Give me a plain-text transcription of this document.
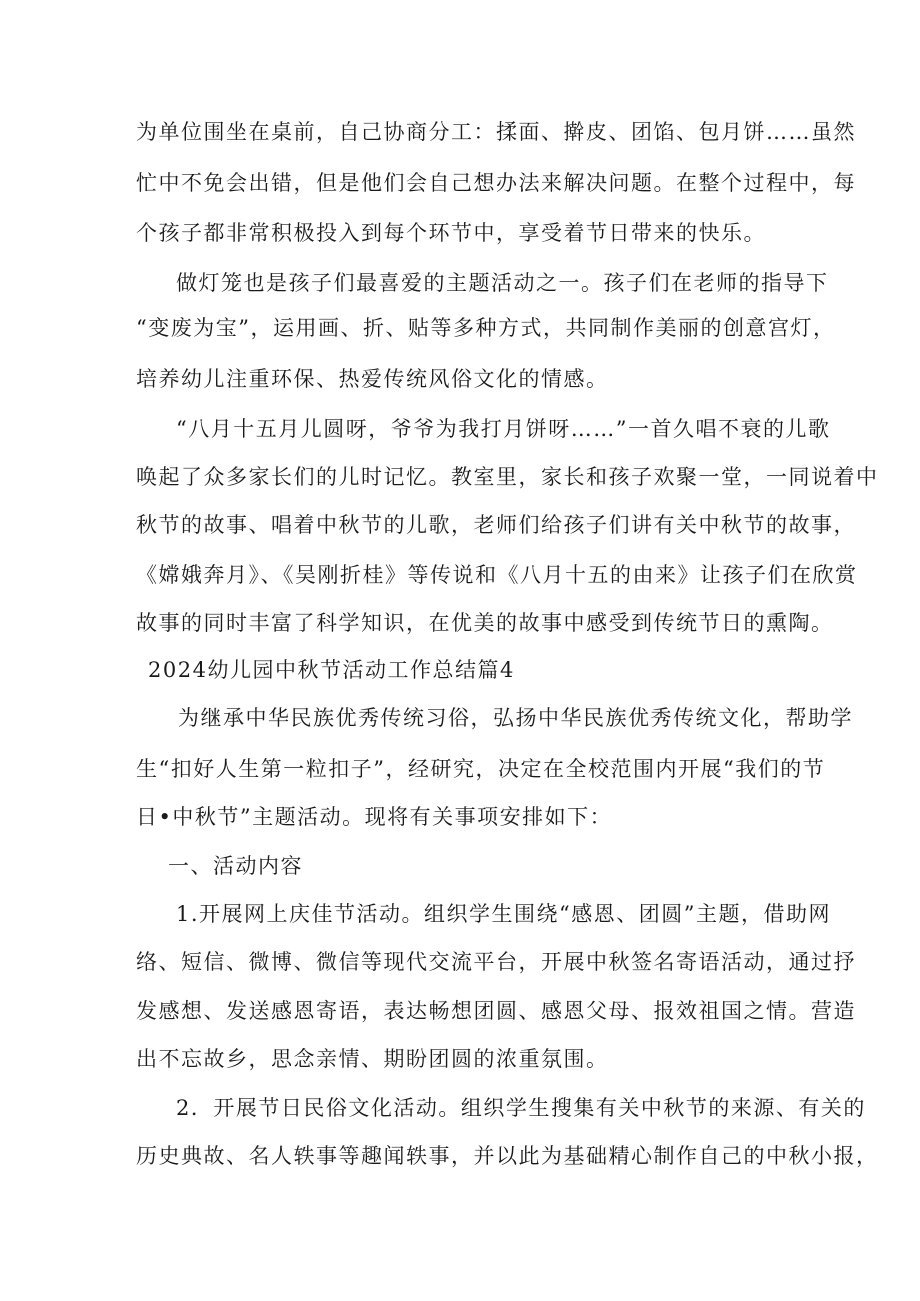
为单位围坐在桌前，自己协商分工：揉面、擀皮、团馅、包月饼……虽然
忙中不免会出错，但是他们会自己想办法来解决问题。在整个过程中，每
个孩子都非常积极投入到每个环节中，享受着节日带来的快乐。
做灯笼也是孩子们最喜爱的主题活动之一。孩子们在老师的指导下
“变废为宝”，运用画、折、贴等多种方式，共同制作美丽的创意宫灯，
培养幼儿注重环保、热爱传统风俗文化的情感。
“八月十五月儿圆呀，爷爷为我打月饼呀……”一首久唱不衰的儿歌
唤起了众多家长们的儿时记忆。教室里，家长和孩子欢聚一堂，一同说着中
秋节的故事、唱着中秋节的儿歌，老师们给孩子们讲有关中秋节的故事，
《嫦娥奔月》、《吴刚折桂》等传说和《八月十五的由来》让孩子们在欣赏
故事的同时丰富了科学知识，在优美的故事中感受到传统节日的熏陶。
2024幼儿园中秋节活动工作总结篇4
为继承中华民族优秀传统习俗，弘扬中华民族优秀传统文化，帮助学
生“扣好人生第一粒扣子”，经研究，决定在全校范围内开展“我们的节
日•中秋节”主题活动。现将有关事项安排如下：
一、活动内容
1.开展网上庆佳节活动。组织学生围绕“感恩、团圆”主题，借助网
络、短信、微博、微信等现代交流平台，开展中秋签名寄语活动，通过抒
发感想、发送感恩寄语，表达畅想团圆、感恩父母、报效祖国之情。营造
出不忘故乡，思念亲情、期盼团圆的浓重氛围。
2．开展节日民俗文化活动。组织学生搜集有关中秋节的来源、有关的
历史典故、名人轶事等趣闻轶事，并以此为基础精心制作自己的中秋小报，
